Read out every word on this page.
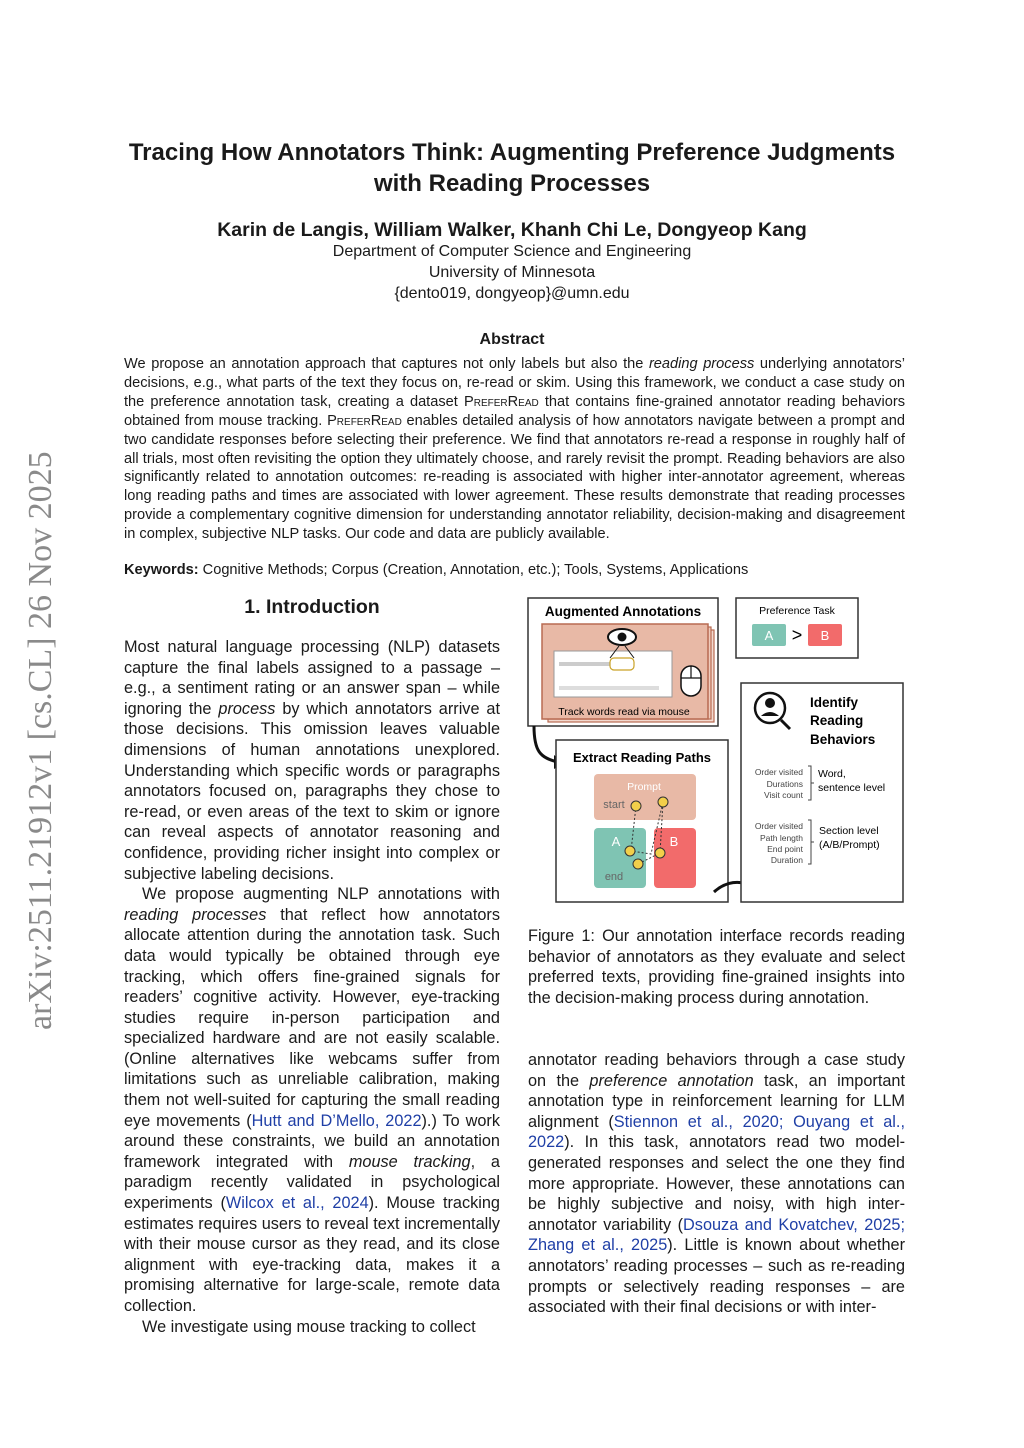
arXiv:2511.21912v1 [cs.CL] 26 Nov 2025
Tracing How Annotators Think: Augmenting Preference Judgments
with Reading Processes
Karin de Langis, William Walker, Khanh Chi Le, Dongyeop Kang
Department of Computer Science and Engineering
University of Minnesota
{dento019, dongyeop}@umn.edu
Abstract

We propose an annotation approach that captures not only labels but also the reading process underlying annotators’ decisions, e.g., what parts of the text they focus on, re-read or skim. Using this framework, we conduct a case study on the preference annotation task, creating a dataset PreferRead that contains fine-grained annotator reading behaviors obtained from mouse tracking. PreferRead enables detailed analysis of how annotators navigate between a prompt and two candidate responses before selecting their preference. We find that annotators re-read a response in roughly half of all trials, most often revisiting the option they ultimately choose, and rarely revisit the prompt. Reading behaviors are also significantly related to annotation outcomes: re-reading is associated with higher inter-annotator agreement, whereas long reading paths and times are associated with lower agreement. These results demonstrate that reading processes provide a complementary cognitive dimension for understanding annotator reliability, decision-making and disagreement in complex, subjective NLP tasks. Our code and data are publicly available.

Keywords: Cognitive Methods; Corpus (Creation, Annotation, etc.); Tools, Systems, Applications
1. Introduction

Most natural language processing (NLP) datasets capture the final labels assigned to a passage – e.g., a sentiment rating or an answer span – while ignoring the process by which annotators arrive at those decisions. This omission leaves valuable dimensions of human annotations unexplored. Understanding which specific words or paragraphs annotators focused on, paragraphs they chose to re-read, or even areas of the text to skim or ignore can reveal aspects of annotator reasoning and confidence, providing richer insight into complex or subjective labeling decisions.

We propose augmenting NLP annotations with reading processes that reflect how annotators allocate attention during the annotation task. Such data would typically be obtained through eye tracking, which offers fine-grained signals for readers’ cognitive activity. However, eye-tracking studies require in-person participation and specialized hardware and are not easily scalable. (Online alternatives like webcams suffer from limitations such as unreliable calibration, making them not well-suited for capturing the small reading eye movements (Hutt and D’Mello, 2022).) To work around these constraints, we build an annotation framework integrated with mouse tracking, a paradigm recently validated in psychological experiments (Wilcox et al., 2024). Mouse tracking estimates requires users to reveal text incrementally with their mouse cursor as they read, and its close alignment with eye-tracking data, makes it a promising alternative for large-scale, remote data collection.

We investigate using mouse tracking to collect

Augmented Annotations
Track words read via mouse
Preference Task
A > B
Extract Reading Paths
Prompt
start
A
end
B
Identify
Reading
Behaviors
Order visited
Durations
Visit count
Word,
sentence level
Order visited
Path length
End point
Duration
Section level
(A/B/Prompt)
Figure 1: Our annotation interface records reading behavior of annotators as they evaluate and select preferred texts, providing fine-grained insights into the decision-making process during annotation.

annotator reading behaviors through a case study on the preference annotation task, an important annotation type in reinforcement learning for LLM alignment (Stiennon et al., 2020; Ouyang et al., 2022). In this task, annotators read two model-generated responses and select the one they find more appropriate. However, these annotations can be highly subjective and noisy, with high inter-annotator variability (Dsouza and Kovatchev, 2025; Zhang et al., 2025). Little is known about whether annotators’ reading processes – such as re-reading prompts or selectively reading responses – are associated with their final decisions or with inter-
